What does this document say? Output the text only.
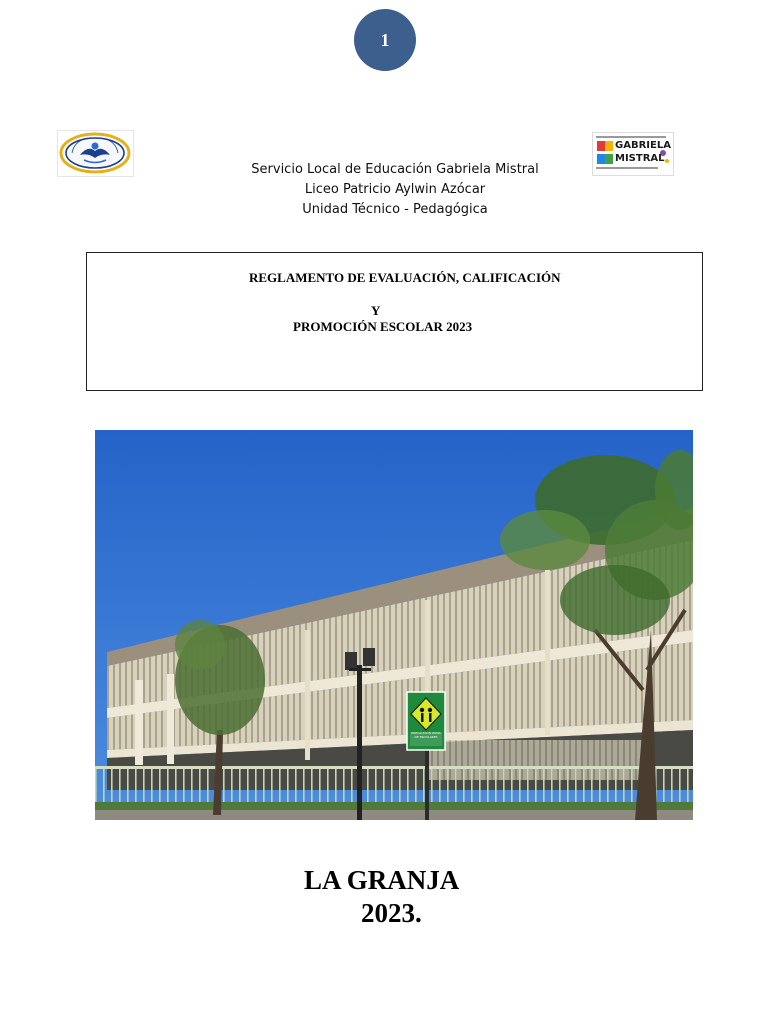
1
GABRIELA
MISTRAL
Servicio Local de Educación Gabriela Mistral
Liceo Patricio Aylwin Azócar
Unidad Técnico - Pedagógica
REGLAMENTO DE EVALUACIÓN, CALIFICACIÓN
Y
PROMOCIÓN ESCOLAR 2023
PRECAUCION ZONA DE ESCOLARES
LA GRANJA
2023.
